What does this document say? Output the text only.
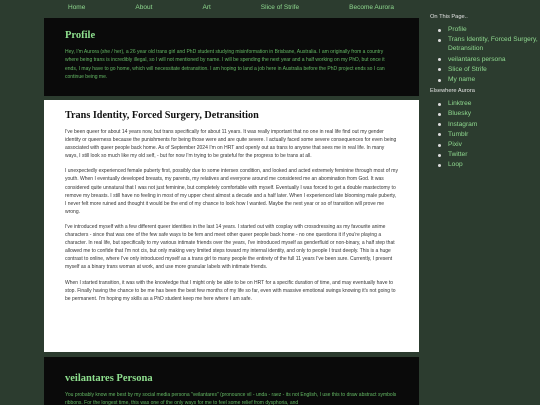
Home	About	Art	Slice of Strife	Become Aurora
Profile

Hey, I'm Aurora (she / her), a 26 year old trans girl and PhD student studying misinformation in Brisbane, Australia. I am originally from a country where being trans is incredibly illegal, so I will not mentioned by name. I will be spending the next year and a half working on my PhD, but once it ends, I may have to go home, which will necessitate detransition. I am hoping to land a job here in Australia before the PhD project ends so I can continue being me.

Trans Identity, Forced Surgery, Detransition

I've been queer for about 14 years now, but trans specifically for about 11 years. It was really important that no one in real life find out my gender identity or queerness because the punishments for being those were and are quite severe. I actually faced some severe consequences for even being associated with queer people back home. As of September 2024 I'm on HRT and openly out as trans to anyone that sees me in real life. In many ways, I still look so much like my old self, - but for now I'm trying to be grateful for the progress to be trans at all.

I unexpectedly experienced female puberty first, possibly due to some intersex condition, and looked and acted extremely feminine through most of my youth. When I eventually developed breasts, my parents, my relatives and everyone around me considered me an abomination from God. It was considered quite unnatural that I was not just feminine, but completely comfortable with myself. Eventually I was forced to get a double mastectomy to remove my breasts. I still have no feeling in most of my upper chest almost a decade and a half later. When I experienced late blooming male puberty, I never felt more ruined and thought it would be the end of my chance to look how I wanted. Maybe the next year or so of transition will prove me wrong.

I've introduced myself with a few different queer identities in the last 14 years. I started out with cosplay with crossdressing as my favourite anime characters - since that was one of the few safe ways to be fem and meet other queer people back home - no one questions it if you're playing a character. In real life, but specifically to my various intimate friends over the years, I've introduced myself as genderfluid or non-binary, a half step that allowed me to confide that I'm not cis, but only making very limited steps toward my internal identity, and only to people I trust deeply. This is a huge contrast to online, where I've only introduced myself as a trans girl to many people the entirety of the full 11 years I've been sure. Currently, I present myself as a binary trans woman at work, and use more granular labels with intimate friends.

When I started transition, it was with the knowledge that I might only be able to be on HRT for a specific duration of time, and may eventually have to stop. Finally having the chance to be me has been the best few months of my life so far, even with massive emotional swings knowing it's not going to be permanent. I'm hoping my skills as a PhD student keep me here where I am safe.

veilantares Persona

You probably know me best by my social media persona "veilantares" (pronounce vil - unda - raez - its not English, I use this to draw abstract symbols ribbons. For the longest time, this was one of the only ways for me to feel some relief from dysphoria, and

On This Page..
Profile
Trans Identity, Forced Surgery, Detransition
veilantares persona
Slice of Strife
My name
Elsewhere Aurora
Linktree
Bluesky
Instagram
Tumblr
Pixiv
Twitter
Loop
